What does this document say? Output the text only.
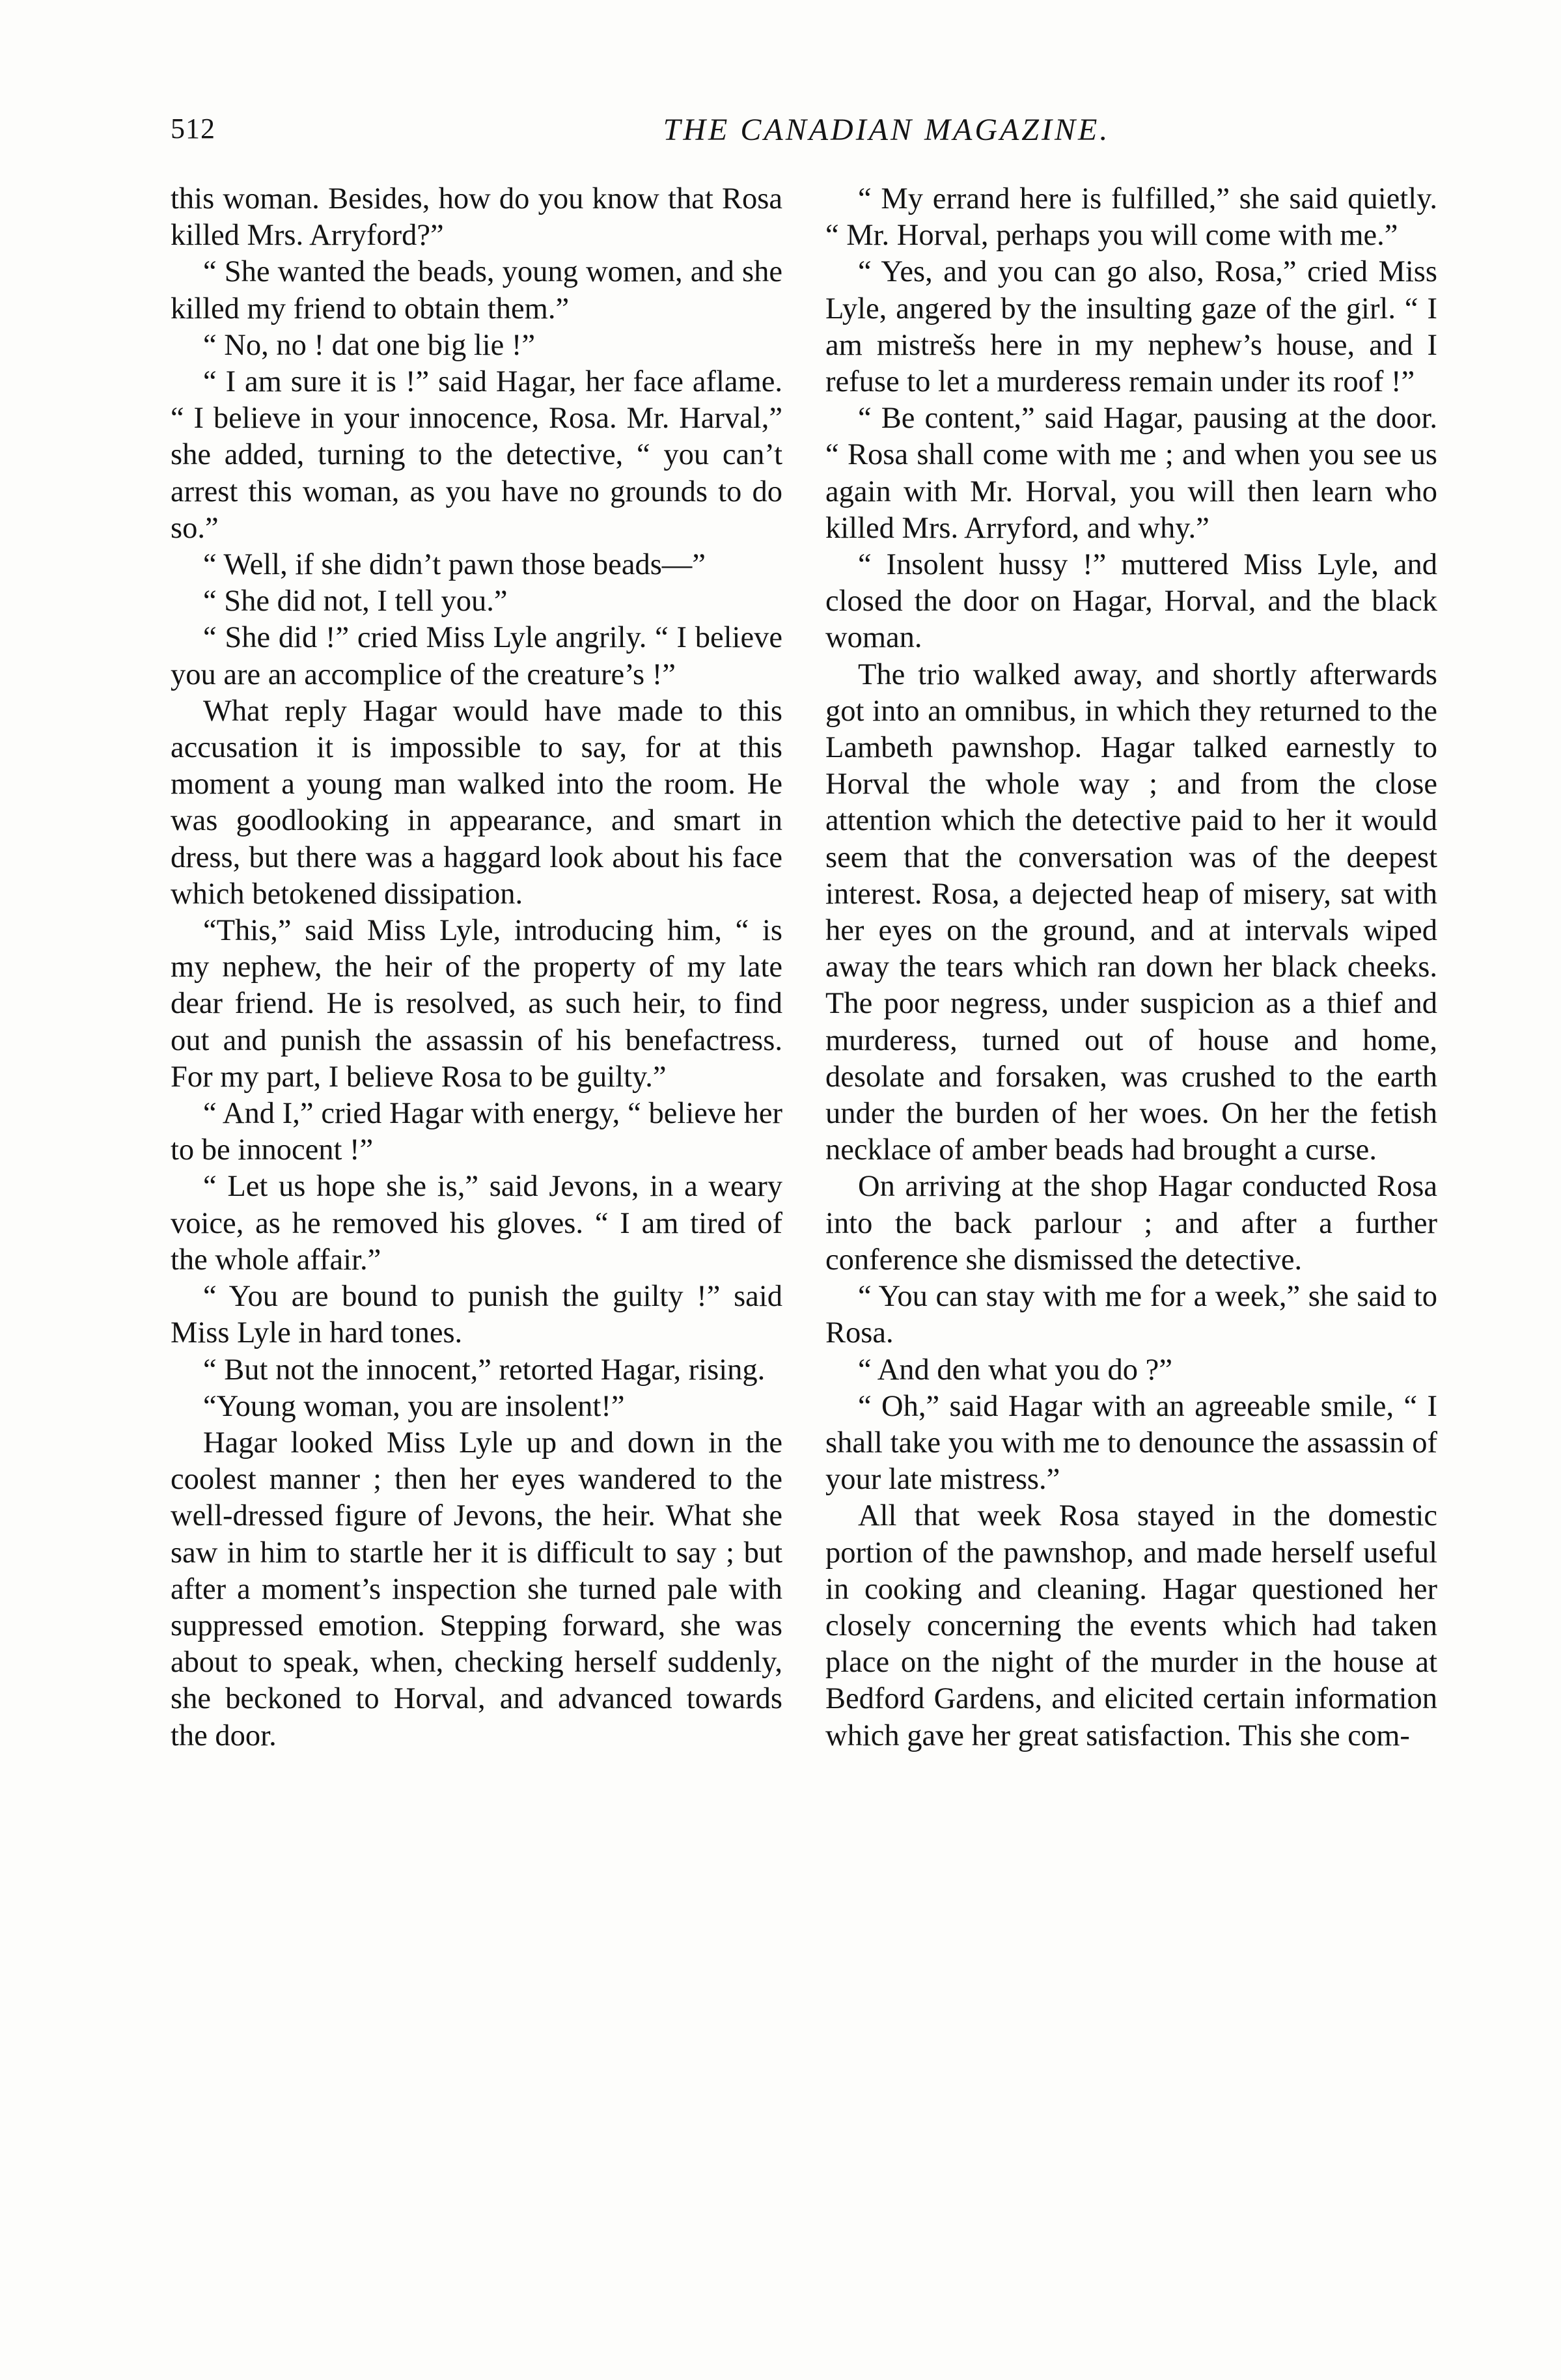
512	THE CANADIAN MAGAZINE.

this woman. Besides, how do you know that Rosa killed Mrs. Arryford?”

“ She wanted the beads, young women, and she killed my friend to obtain them.”

“ No, no ! dat one big lie !”

“ I am sure it is !” said Hagar, her face aflame. “ I believe in your innocence, Rosa. Mr. Harval,” she added, turning to the detective, “ you can’t arrest this woman, as you have no grounds to do so.”

“ Well, if she didn’t pawn those beads—”

“ She did not, I tell you.”

“ She did !” cried Miss Lyle angrily. “ I believe you are an accomplice of the creature’s !”

What reply Hagar would have made to this accusation it is impossible to say, for at this moment a young man walked into the room. He was goodlooking in appearance, and smart in dress, but there was a haggard look about his face which betokened dissipation.

“This,” said Miss Lyle, introducing him, “ is my nephew, the heir of the property of my late dear friend. He is resolved, as such heir, to find out and punish the assassin of his benefactress. For my part, I believe Rosa to be guilty.”

“ And I,” cried Hagar with energy, “ believe her to be innocent !”

“ Let us hope she is,” said Jevons, in a weary voice, as he removed his gloves. “ I am tired of the whole affair.”

“ You are bound to punish the guilty !” said Miss Lyle in hard tones.

“ But not the innocent,” retorted Hagar, rising.

“Young woman, you are insolent!”

Hagar looked Miss Lyle up and down in the coolest manner ; then her eyes wandered to the well-dressed figure of Jevons, the heir. What she saw in him to startle her it is difficult to say ; but after a moment’s inspection she turned pale with suppressed emotion. Stepping forward, she was about to speak, when, checking herself suddenly, she beckoned to Horval, and advanced towards the door.

“ My errand here is fulfilled,” she said quietly. “ Mr. Horval, perhaps you will come with me.”

“ Yes, and you can go also, Rosa,” cried Miss Lyle, angered by the insulting gaze of the girl. “ I am mistrešs here in my nephew’s house, and I refuse to let a murderess remain under its roof !”

“ Be content,” said Hagar, pausing at the door. “ Rosa shall come with me ; and when you see us again with Mr. Horval, you will then learn who killed Mrs. Arryford, and why.”

“ Insolent hussy !” muttered Miss Lyle, and closed the door on Hagar, Horval, and the black woman.

The trio walked away, and shortly afterwards got into an omnibus, in which they returned to the Lambeth pawnshop. Hagar talked earnestly to Horval the whole way ; and from the close attention which the detective paid to her it would seem that the conversation was of the deepest interest. Rosa, a dejected heap of misery, sat with her eyes on the ground, and at intervals wiped away the tears which ran down her black cheeks. The poor negress, under suspicion as a thief and murderess, turned out of house and home, desolate and forsaken, was crushed to the earth under the burden of her woes. On her the fetish necklace of amber beads had brought a curse.

On arriving at the shop Hagar conducted Rosa into the back parlour ; and after a further conference she dismissed the detective.

“ You can stay with me for a week,” she said to Rosa.

“ And den what you do ?”

“ Oh,” said Hagar with an agreeable smile, “ I shall take you with me to denounce the assassin of your late mistress.”

All that week Rosa stayed in the domestic portion of the pawnshop, and made herself useful in cooking and cleaning. Hagar questioned her closely concerning the events which had taken place on the night of the murder in the house at Bedford Gardens, and elicited certain information which gave her great satisfaction. This she com-
